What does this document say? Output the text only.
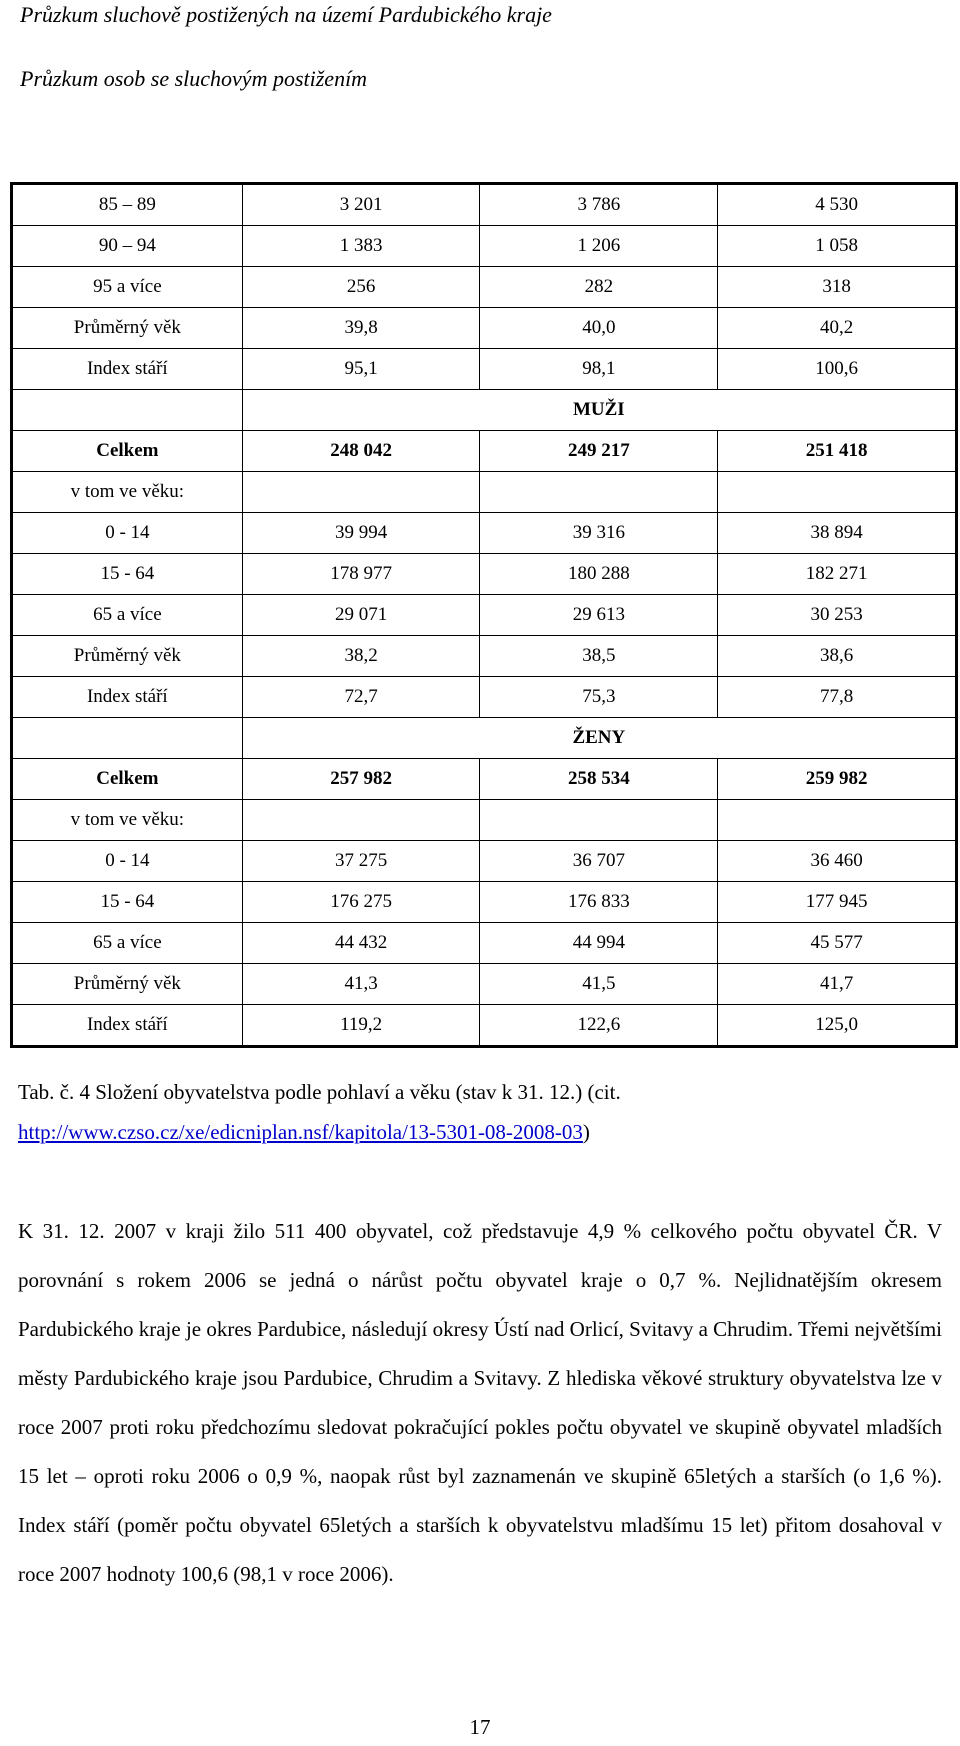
Průzkum sluchově postižených na území Pardubického kraje
Průzkum osob se sluchovým postižením
85 – 89	3 201	3 786	4 530
90 – 94	1 383	1 206	1 058
95 a více	256	282	318
Průměrný věk	39,8	40,0	40,2
Index stáří	95,1	98,1	100,6
	MUŽI		
Celkem	248 042	249 217	251 418
v tom ve věku:			
0 - 14	39 994	39 316	38 894
15 - 64	178 977	180 288	182 271
65 a více	29 071	29 613	30 253
Průměrný věk	38,2	38,5	38,6
Index stáří	72,7	75,3	77,8
	ŽENY		
Celkem	257 982	258 534	259 982
v tom ve věku:			
0 - 14	37 275	36 707	36 460
15 - 64	176 275	176 833	177 945
65 a více	44 432	44 994	45 577
Průměrný věk	41,3	41,5	41,7
Index stáří	119,2	122,6	125,0
Tab. č. 4 Složení obyvatelstva podle pohlaví a věku (stav k 31. 12.) (cit. http://www.czso.cz/xe/edicniplan.nsf/kapitola/13-5301-08-2008-03)
K 31. 12. 2007 v kraji žilo 511 400 obyvatel, což představuje 4,9 % celkového počtu obyvatel ČR. V porovnání s rokem 2006 se jedná o nárůst počtu obyvatel kraje o 0,7 %. Nejlidnatějším okresem Pardubického kraje je okres Pardubice, následují okresy Ústí nad Orlicí, Svitavy a Chrudim. Třemi největšími městy Pardubického kraje jsou Pardubice, Chrudim a Svitavy. Z hlediska věkové struktury obyvatelstva lze v roce 2007 proti roku předchozímu sledovat pokračující pokles počtu obyvatel ve skupině obyvatel mladších 15 let – oproti roku 2006 o 0,9 %, naopak růst byl zaznamenán ve skupině 65letých a starších (o 1,6 %). Index stáří (poměr počtu obyvatel 65letých a starších k obyvatelstvu mladšímu 15 let) přitom dosahoval v roce 2007 hodnoty 100,6 (98,1 v roce 2006).
17
